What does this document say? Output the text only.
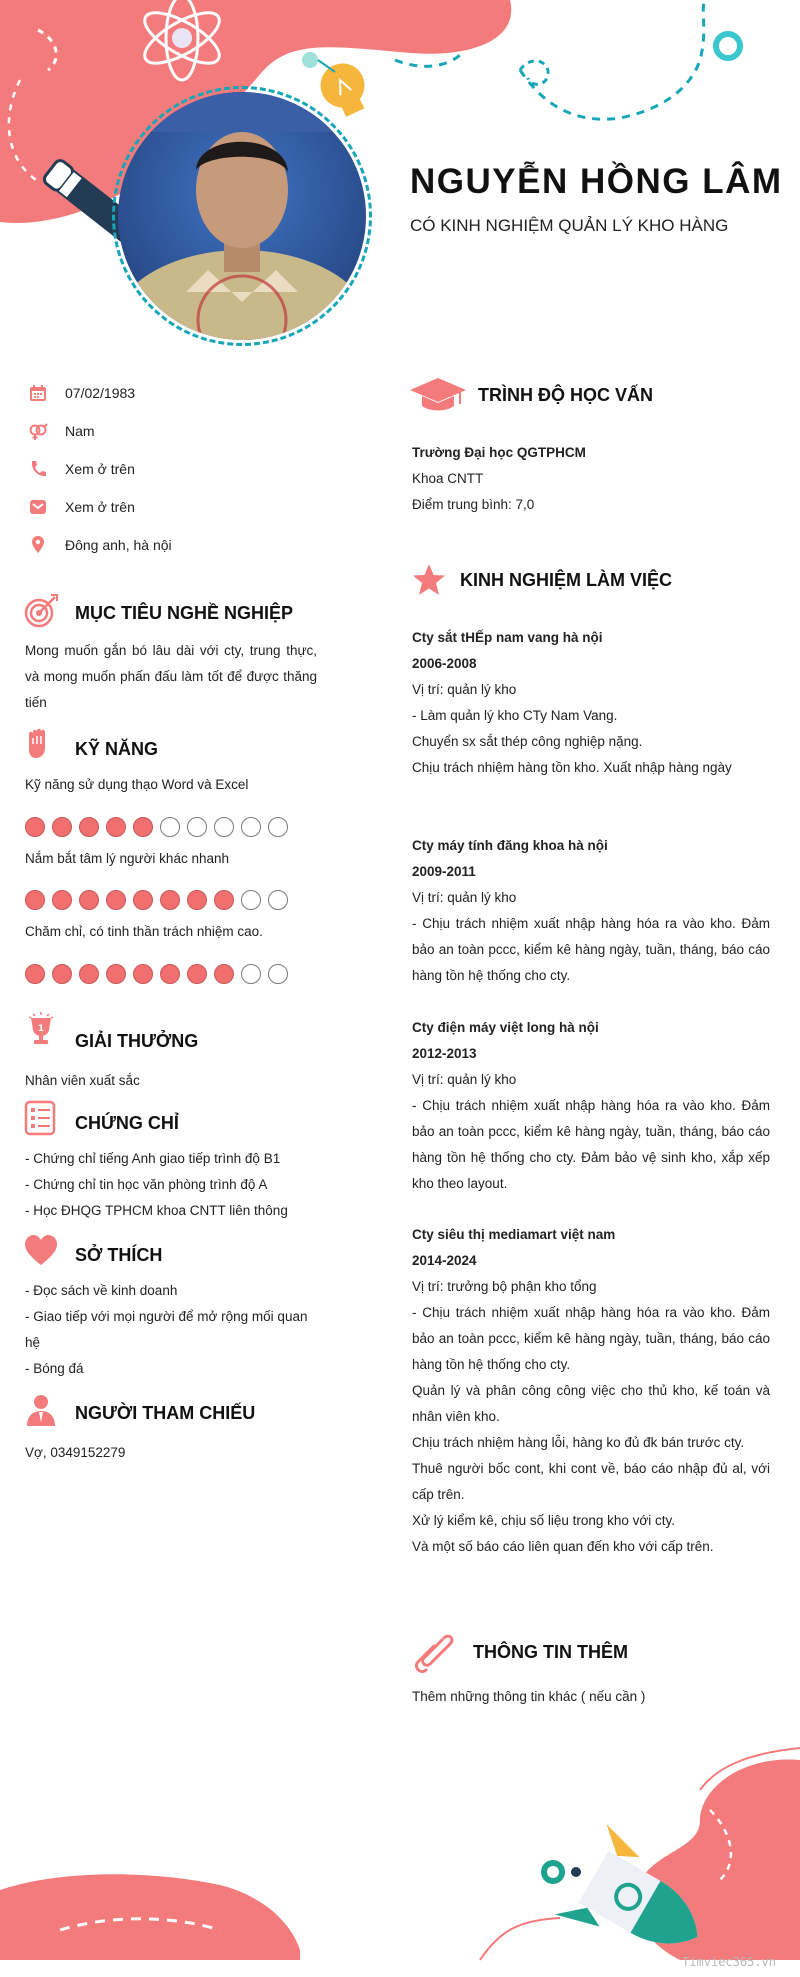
NGUYỄN HỒNG LÂM
CÓ KINH NGHIỆM QUẢN LÝ KHO HÀNG
07/02/1983
Nam
Xem ở trên
Xem ở trên
Đông anh, hà nội
MỤC TIÊU NGHỀ NGHIỆP
Mong muốn gắn bó lâu dài với cty, trung thực, và mong muốn phấn đấu làm tốt để được thăng tiến
KỸ NĂNG
Kỹ năng sử dụng thạo Word và Excel
Nắm bắt tâm lý người khác nhanh
Chăm chỉ, có tinh thần trách nhiệm cao.
1
GIẢI THƯỞNG
Nhân viên xuất sắc
CHỨNG CHỈ
- Chứng chỉ tiếng Anh giao tiếp trình độ B1
- Chứng chỉ tin học văn phòng trình độ A
- Học ĐHQG TPHCM khoa CNTT liên thông
SỞ THÍCH
- Đọc sách về kinh doanh
- Giao tiếp với mọi người để mở rộng mối quan hệ
- Bóng đá
NGƯỜI THAM CHIẾU
Vợ, 0349152279
TRÌNH ĐỘ HỌC VẤN
Trường Đại học QGTPHCM
Khoa CNTT
Điểm trung bình: 7,0
KINH NGHIỆM LÀM VIỆC
Cty sắt tHẾp nam vang hà nội
2006-2008
Vị trí: quản lý kho
- Làm quản lý kho CTy Nam Vang.
Chuyển sx sắt thép công nghiệp nặng.
Chịu trách nhiệm hàng tồn kho. Xuất nhập hàng ngày
Cty máy tính đăng khoa hà nội
2009-2011
Vị trí: quản lý kho
- Chịu trách nhiệm xuất nhập hàng hóa ra vào kho. Đảm bảo an toàn pccc, kiểm kê hàng ngày, tuần, tháng, báo cáo hàng tồn hệ thống cho cty.
Cty điện máy việt long hà nội
2012-2013
Vị trí: quản lý kho
- Chịu trách nhiệm xuất nhập hàng hóa ra vào kho. Đảm bảo an toàn pccc, kiểm kê hàng ngày, tuần, tháng, báo cáo hàng tồn hệ thống cho cty. Đảm bảo vệ sinh kho, xắp xếp kho theo layout.
Cty siêu thị mediamart việt nam
2014-2024
Vị trí: trưởng bộ phận kho tổng
- Chịu trách nhiệm xuất nhập hàng hóa ra vào kho. Đảm bảo an toàn pccc, kiểm kê hàng ngày, tuần, tháng, báo cáo hàng tồn hệ thống cho cty.
Quản lý và phân công công việc cho thủ kho, kế toán và nhân viên kho.
Chịu trách nhiệm hàng lỗi, hàng ko đủ đk bán trước cty.
Thuê người bốc cont, khi cont về, báo cáo nhập đủ al, với cấp trên.
Xử lý kiểm kê, chịu số liệu trong kho với cty.
Và một số báo cáo liên quan đến kho với cấp trên.
THÔNG TIN THÊM
Thêm những thông tin khác ( nếu cần )
Timviec365.vn
